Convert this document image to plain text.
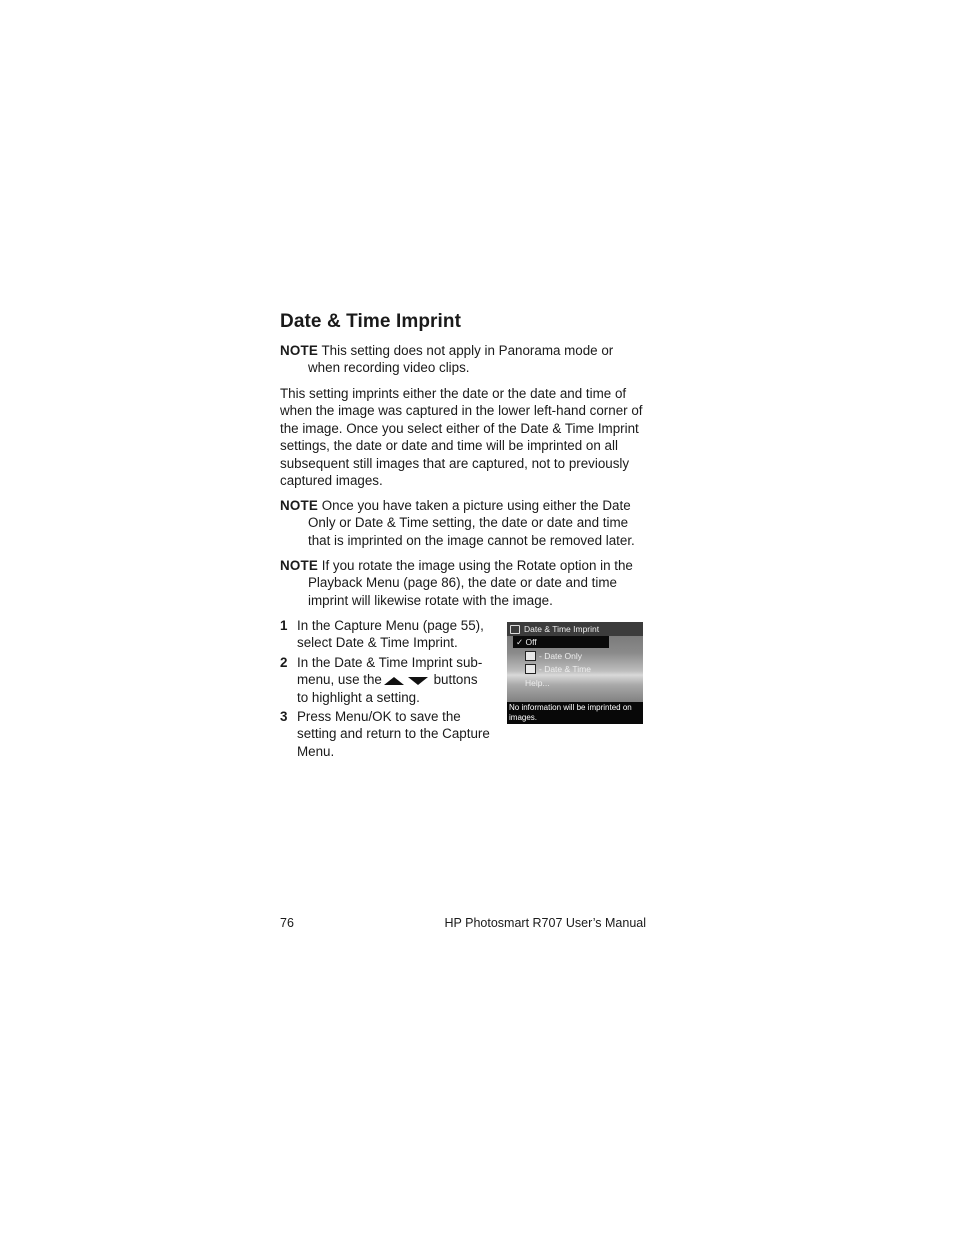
Date & Time Imprint
NOTE This setting does not apply in Panorama mode or when recording video clips.
This setting imprints either the date or the date and time of when the image was captured in the lower left-hand corner of the image. Once you select either of the Date & Time Imprint settings, the date or date and time will be imprinted on all subsequent still images that are captured, not to previously captured images.
NOTE Once you have taken a picture using either the Date Only or Date & Time setting, the date or date and time that is imprinted on the image cannot be removed later.
NOTE If you rotate the image using the Rotate option in the Playback Menu (page 86), the date or date and time imprint will likewise rotate with the image.
1 In the Capture Menu (page 55), select Date & Time Imprint.
2 In the Date & Time Imprint sub-menu, use the	buttons to highlight a setting.
3 Press Menu/OK to save the setting and return to the Capture Menu.
Date & Time Imprint
✓ Off
- Date Only
- Date & Time
Help...
No information will be imprinted on images.
76	HP Photosmart R707 User’s Manual
